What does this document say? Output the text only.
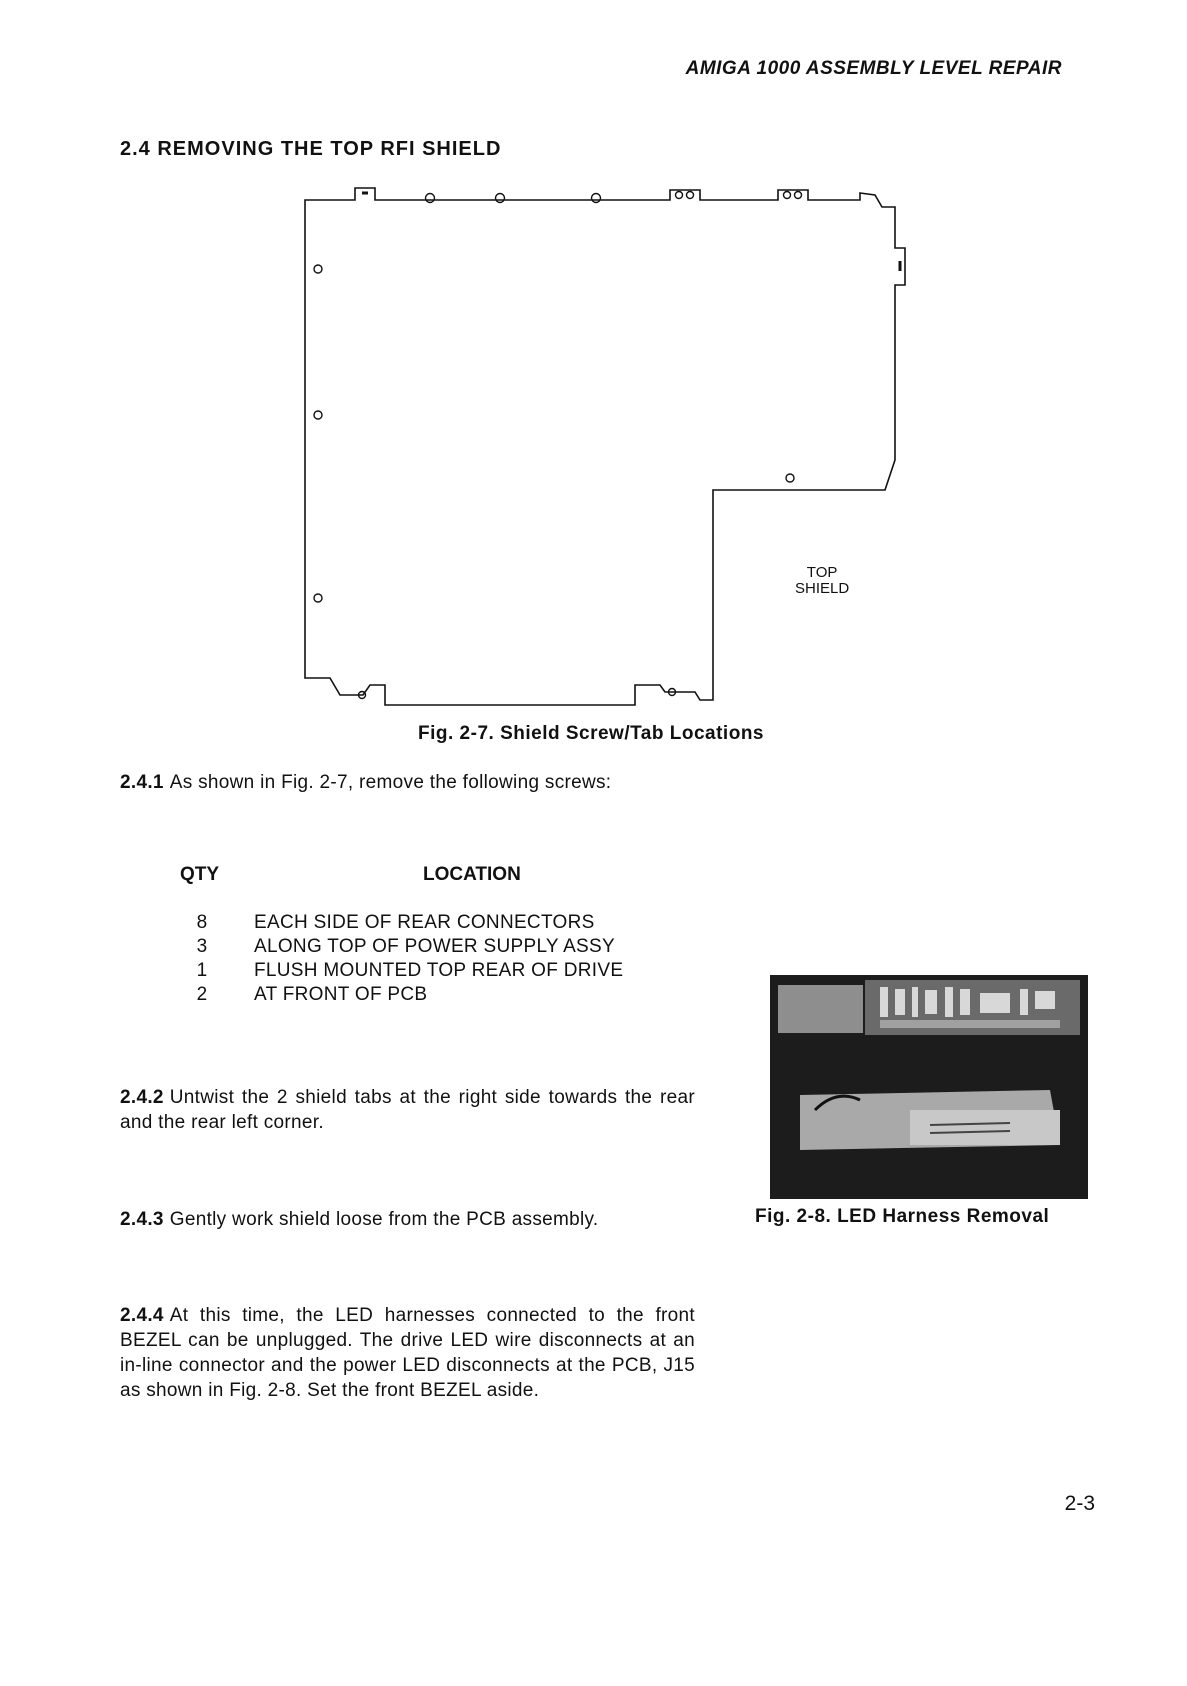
AMIGA 1000 ASSEMBLY LEVEL REPAIR
2.4 REMOVING THE TOP RFI SHIELD
TOP
SHIELD
Fig. 2-7. Shield Screw/Tab Locations
2.4.1 As shown in Fig. 2-7, remove the following screws:
QTY	LOCATION
8	EACH SIDE OF REAR CONNECTORS
3	ALONG TOP OF POWER SUPPLY ASSY
1	FLUSH MOUNTED TOP REAR OF DRIVE
2	AT FRONT OF PCB
2.4.2 Untwist the 2 shield tabs at the right side towards the rear and the rear left corner.
2.4.3 Gently work shield loose from the PCB assembly.	Fig. 2-8. LED Harness Removal
2.4.4 At this time, the LED harnesses connected to the front BEZEL can be unplugged. The drive LED wire disconnects at an in-line connector and the power LED disconnects at the PCB, J15 as shown in Fig. 2-8. Set the front BEZEL aside.
2-3
